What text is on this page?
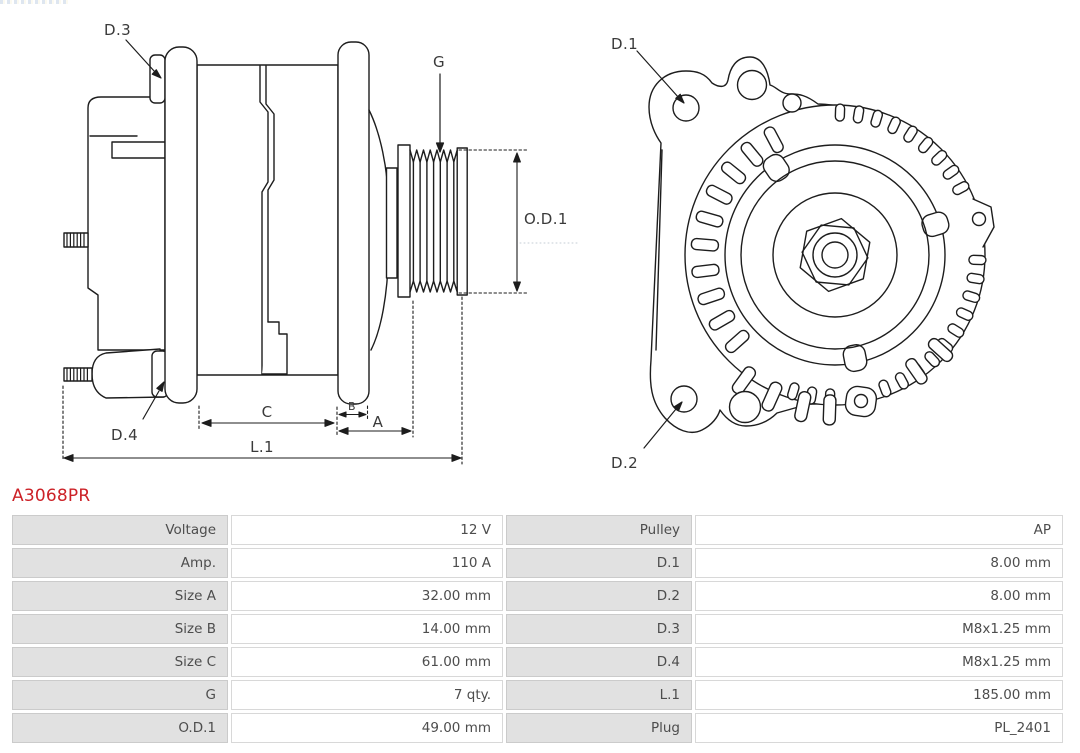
D.3
G
O.D.1
D.4
C	B
A
L.1
D.1
D.2
A3068PR
Voltage	12 V	Pulley	AP
Amp.	110 A	D.1	8.00 mm
Size A	32.00 mm	D.2	8.00 mm
Size B	14.00 mm	D.3	M8x1.25 mm
Size C	61.00 mm	D.4	M8x1.25 mm
G	7 qty.	L.1	185.00 mm
O.D.1	49.00 mm	Plug	PL_2401
